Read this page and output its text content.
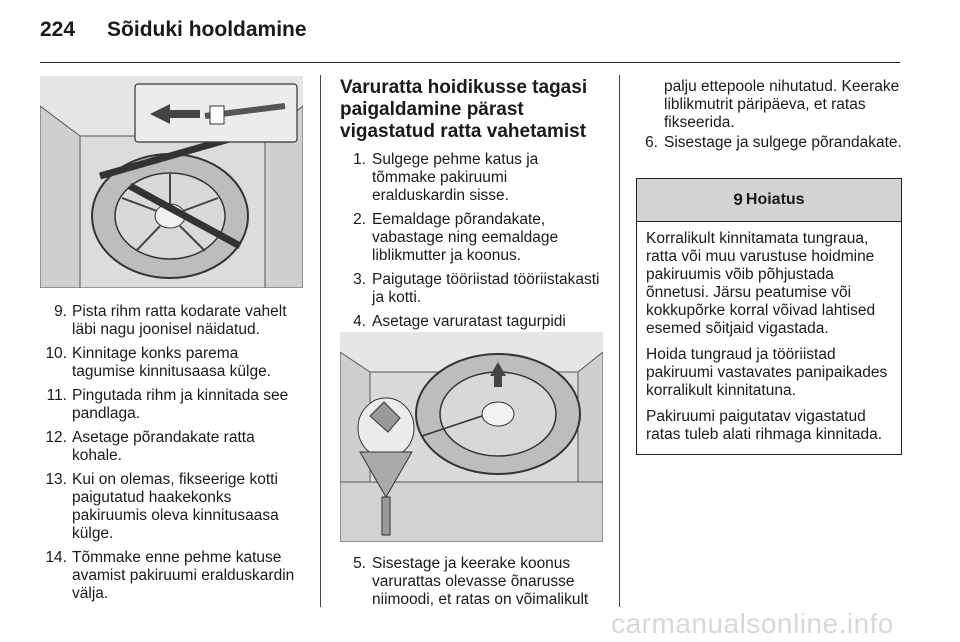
224 Sõiduki hooldamine
9. Pista rihm ratta kodarate vahelt läbi nagu joonisel näidatud.
10. Kinnitage konks parema tagumise kinnitusaasa külge.
11. Pingutada rihm ja kinnitada see pandlaga.
12. Asetage põrandakate ratta kohale.
13. Kui on olemas, fikseerige kotti paigutatud haakekonks pakiruumis oleva kinnitusaasa külge.
14. Tõmmake enne pehme katuse avamist pakiruumi eralduskardin välja.
Varuratta hoidikusse tagasi paigaldamine pärast vigastatud ratta vahetamist
1. Sulgege pehme katus ja tõmmake pakiruumi eralduskardin sisse.
2. Eemaldage põrandakate, vabastage ning eemaldage liblikmutter ja koonus.
3. Paigutage tööriistad tööriistakasti ja kotti.
4. Asetage varuratast tagurpidi
5. Sisestage ja keerake koonus varurattas olevasse õnarusse niimoodi, et ratas on võimalikult
palju ettepoole nihutatud. Keerake liblikmutrit päripäeva, et ratas fikseerida.
6. Sisestage ja sulgege põrandakate.
9 Hoiatus

Korralikult kinnitamata tungraua, ratta või muu varustuse hoidmine pakiruumis võib põhjustada õnnetusi. Järsu peatumise või kokkupõrke korral võivad lahtised esemed sõitjaid vigastada.

Hoida tungraud ja tööriistad pakiruumi vastavates panipaikades korralikult kinnitatuna.

Pakiruumi paigutatav vigastatud ratas tuleb alati rihmaga kinnitada.

carmanualsonline.info
